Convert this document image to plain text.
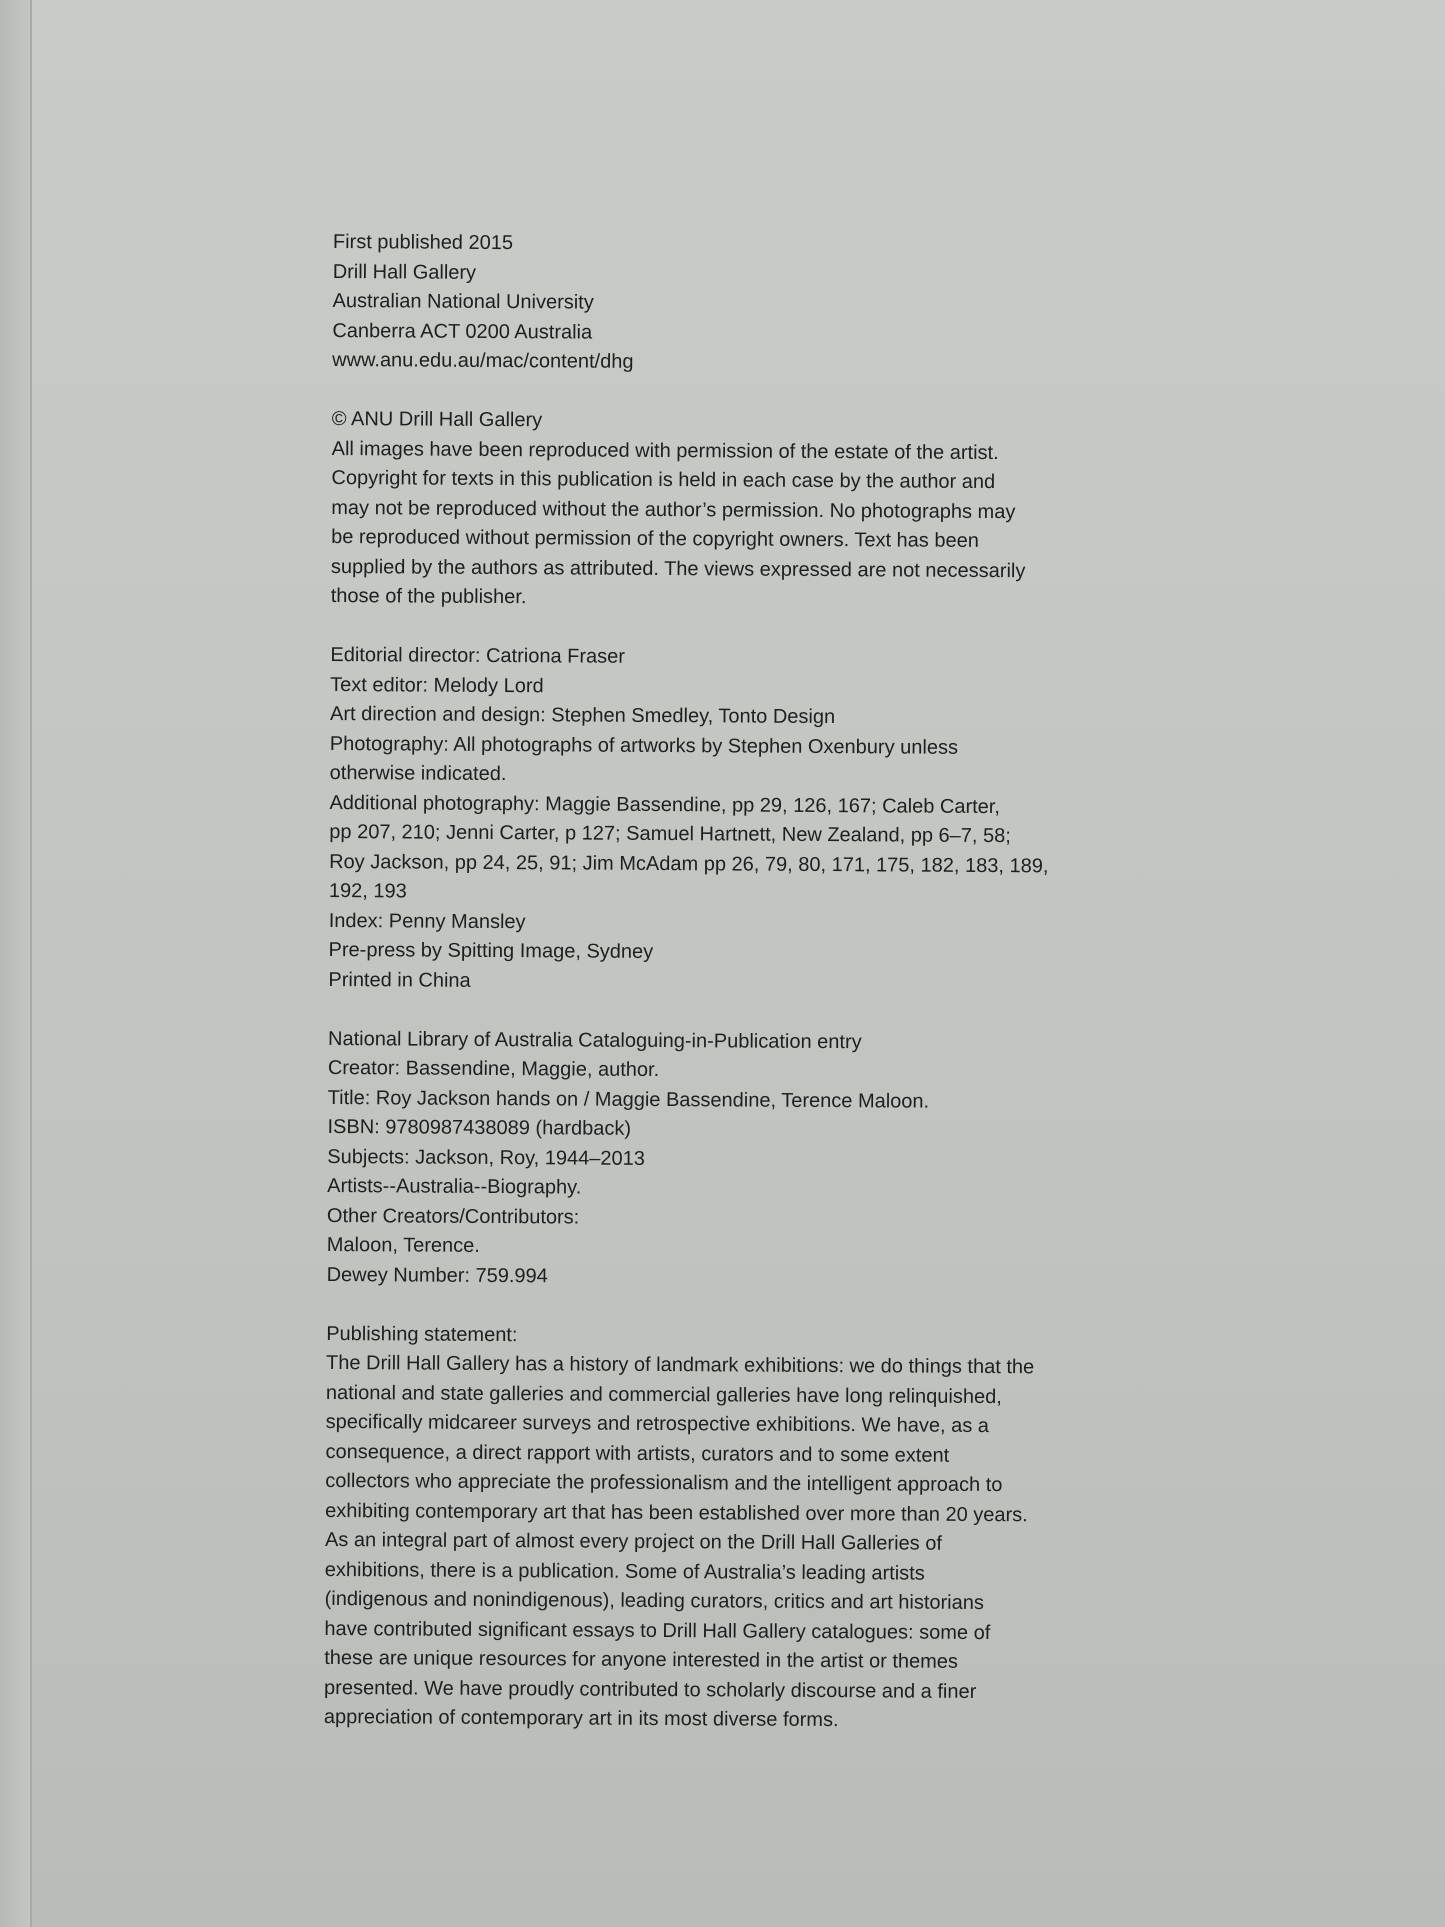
First published 2015
Drill Hall Gallery
Australian National University
Canberra ACT 0200 Australia
www.anu.edu.au/mac/content/dhg
© ANU Drill Hall Gallery
All images have been reproduced with permission of the estate of the artist.
Copyright for texts in this publication is held in each case by the author and
may not be reproduced without the author’s permission. No photographs may
be reproduced without permission of the copyright owners. Text has been
supplied by the authors as attributed. The views expressed are not necessarily
those of the publisher.
Editorial director: Catriona Fraser
Text editor: Melody Lord
Art direction and design: Stephen Smedley, Tonto Design
Photography: All photographs of artworks by Stephen Oxenbury unless
otherwise indicated.
Additional photography: Maggie Bassendine, pp 29, 126, 167; Caleb Carter,
pp 207, 210; Jenni Carter, p 127; Samuel Hartnett, New Zealand, pp 6–7, 58;
Roy Jackson, pp 24, 25, 91; Jim McAdam pp 26, 79, 80, 171, 175, 182, 183, 189,
192, 193
Index: Penny Mansley
Pre-press by Spitting Image, Sydney
Printed in China
National Library of Australia Cataloguing-in-Publication entry
Creator: Bassendine, Maggie, author.
Title: Roy Jackson hands on / Maggie Bassendine, Terence Maloon.
ISBN: 9780987438089 (hardback)
Subjects: Jackson, Roy, 1944–2013
Artists--Australia--Biography.
Other Creators/Contributors:
Maloon, Terence.
Dewey Number: 759.994
Publishing statement:
The Drill Hall Gallery has a history of landmark exhibitions: we do things that the
national and state galleries and commercial galleries have long relinquished,
specifically midcareer surveys and retrospective exhibitions. We have, as a
consequence, a direct rapport with artists, curators and to some extent
collectors who appreciate the professionalism and the intelligent approach to
exhibiting contemporary art that has been established over more than 20 years.
As an integral part of almost every project on the Drill Hall Galleries of
exhibitions, there is a publication. Some of Australia’s leading artists
(indigenous and nonindigenous), leading curators, critics and art historians
have contributed significant essays to Drill Hall Gallery catalogues: some of
these are unique resources for anyone interested in the artist or themes
presented. We have proudly contributed to scholarly discourse and a finer
appreciation of contemporary art in its most diverse forms.
